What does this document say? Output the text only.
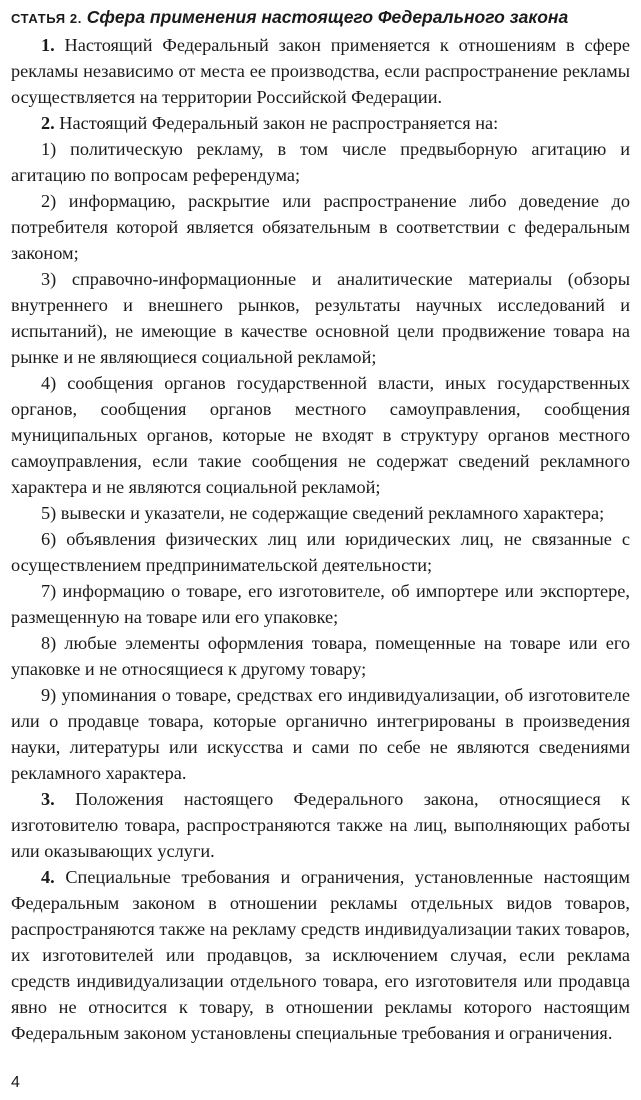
СТАТЬЯ 2. Сфера применения настоящего Федерального закона

1. Настоящий Федеральный закон применяется к отношениям в сфере рекламы независимо от места ее производства, если распространение рекламы осуществляется на территории Российской Федерации.

2. Настоящий Федеральный закон не распространяется на:

1) политическую рекламу, в том числе предвыборную агитацию и агитацию по вопросам референдума;

2) информацию, раскрытие или распространение либо доведение до потребителя которой является обязательным в соответствии с федеральным законом;

3) справочно-информационные и аналитические материалы (обзоры внутреннего и внешнего рынков, результаты научных исследований и испытаний), не имеющие в качестве основной цели продвижение товара на рынке и не являющиеся социальной рекламой;

4) сообщения органов государственной власти, иных государственных органов, сообщения органов местного самоуправления, сообщения муниципальных органов, которые не входят в структуру органов местного самоуправления, если такие сообщения не содержат сведений рекламного характера и не являются социальной рекламой;

5) вывески и указатели, не содержащие сведений рекламного характера;

6) объявления физических лиц или юридических лиц, не связанные с осуществлением предпринимательской деятельности;

7) информацию о товаре, его изготовителе, об импортере или экспортере, размещенную на товаре или его упаковке;

8) любые элементы оформления товара, помещенные на товаре или его упаковке и не относящиеся к другому товару;

9) упоминания о товаре, средствах его индивидуализации, об изготовителе или о продавце товара, которые органично интегрированы в произведения науки, литературы или искусства и сами по себе не являются сведениями рекламного характера.

3. Положения настоящего Федерального закона, относящиеся к изготовителю товара, распространяются также на лиц, выполняющих работы или оказывающих услуги.

4. Специальные требования и ограничения, установленные настоящим Федеральным законом в отношении рекламы отдельных видов товаров, распространяются также на рекламу средств индивидуализации таких товаров, их изготовителей или продавцов, за исключением случая, если реклама средств индивидуализации отдельного товара, его изготовителя или продавца явно не относится к товару, в отношении рекламы которого настоящим Федеральным законом установлены специальные требования и ограничения.

4
